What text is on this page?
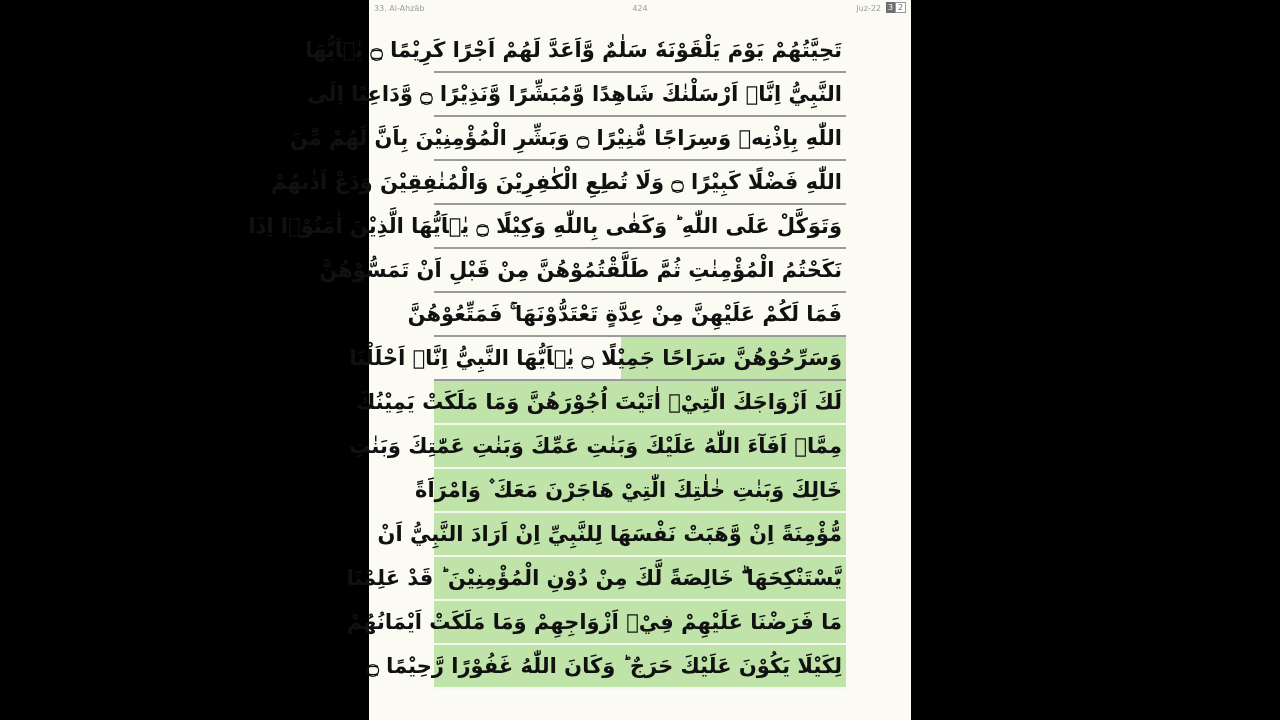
33. Al-Ahzāb	424	Juz-22 3 2
تَحِيَّتُهُمْ يَوْمَ يَلْقَوْنَهٗ سَلٰمٌ وَّاَعَدَّ لَهُمْ اَجْرًا كَرِيْمًا ۝ يٰۤاَيُّهَا
النَّبِيُّ اِنَّاۤ اَرْسَلْنٰكَ شَاهِدًا وَّمُبَشِّرًا وَّنَذِيْرًا ۝ وَّدَاعِيًا اِلَى
اللّٰهِ بِاِذْنِهٖ وَسِرَاجًا مُّنِيْرًا ۝ وَبَشِّرِ الْمُؤْمِنِيْنَ بِاَنَّ لَهُمْ مِّنَ
اللّٰهِ فَضْلًا كَبِيْرًا ۝ وَلَا تُطِعِ الْكٰفِرِيْنَ وَالْمُنٰفِقِيْنَ وَدَعْ اَذٰىهُمْ
وَتَوَكَّلْ عَلَى اللّٰهِ ؕ وَكَفٰى بِاللّٰهِ وَكِيْلًا ۝ يٰۤاَيُّهَا الَّذِيْنَ اٰمَنُوْۤا اِذَا
نَكَحْتُمُ الْمُؤْمِنٰتِ ثُمَّ طَلَّقْتُمُوْهُنَّ مِنْ قَبْلِ اَنْ تَمَسُّوْهُنَّ
فَمَا لَكُمْ عَلَيْهِنَّ مِنْ عِدَّةٍ تَعْتَدُّوْنَهَا ۚ فَمَتِّعُوْهُنَّ
وَسَرِّحُوْهُنَّ سَرَاحًا جَمِيْلًا ۝ يٰۤاَيُّهَا النَّبِيُّ اِنَّاۤ اَحْلَلْنَا
لَكَ اَزْوَاجَكَ الّٰتِيْۤ اٰتَيْتَ اُجُوْرَهُنَّ وَمَا مَلَكَتْ يَمِيْنُكَ
مِمَّاۤ اَفَآءَ اللّٰهُ عَلَيْكَ وَبَنٰتِ عَمِّكَ وَبَنٰتِ عَمّٰتِكَ وَبَنٰتِ
خَالِكَ وَبَنٰتِ خٰلٰتِكَ الّٰتِيْ هَاجَرْنَ مَعَكَ ۫ وَامْرَاَةً
مُّؤْمِنَةً اِنْ وَّهَبَتْ نَفْسَهَا لِلنَّبِيِّ اِنْ اَرَادَ النَّبِيُّ اَنْ
يَّسْتَنْكِحَهَا ۗ خَالِصَةً لَّكَ مِنْ دُوْنِ الْمُؤْمِنِيْنَ ؕ قَدْ عَلِمْنَا
مَا فَرَضْنَا عَلَيْهِمْ فِيْۤ اَزْوَاجِهِمْ وَمَا مَلَكَتْ اَيْمَانُهُمْ
لِكَيْلَا يَكُوْنَ عَلَيْكَ حَرَجٌ ؕ وَكَانَ اللّٰهُ غَفُوْرًا رَّحِيْمًا ۝
